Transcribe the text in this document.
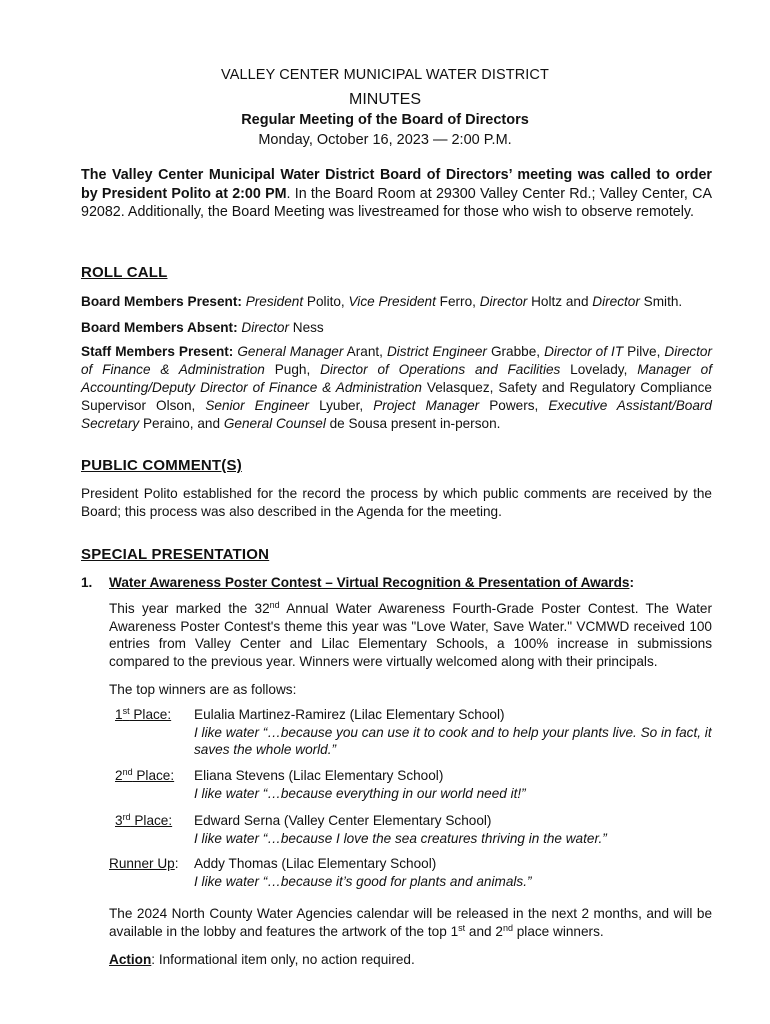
VALLEY CENTER MUNICIPAL WATER DISTRICT
MINUTES
Regular Meeting of the Board of Directors
Monday, October 16, 2023 — 2:00 P.M.
The Valley Center Municipal Water District Board of Directors’ meeting was called to order by President Polito at 2:00 PM. In the Board Room at 29300 Valley Center Rd.; Valley Center, CA 92082. Additionally, the Board Meeting was livestreamed for those who wish to observe remotely.
ROLL CALL
Board Members Present: President Polito, Vice President Ferro, Director Holtz and Director Smith.
Board Members Absent: Director Ness
Staff Members Present: General Manager Arant, District Engineer Grabbe, Director of IT Pilve, Director of Finance & Administration Pugh, Director of Operations and Facilities Lovelady, Manager of Accounting/Deputy Director of Finance & Administration Velasquez, Safety and Regulatory Compliance Supervisor Olson, Senior Engineer Lyuber, Project Manager Powers, Executive Assistant/Board Secretary Peraino, and General Counsel de Sousa present in-person.
PUBLIC COMMENT(S)
President Polito established for the record the process by which public comments are received by the Board; this process was also described in the Agenda for the meeting.
SPECIAL PRESENTATION
1. Water Awareness Poster Contest – Virtual Recognition & Presentation of Awards:
This year marked the 32nd Annual Water Awareness Fourth-Grade Poster Contest. The Water Awareness Poster Contest's theme this year was "Love Water, Save Water." VCMWD received 100 entries from Valley Center and Lilac Elementary Schools, a 100% increase in submissions compared to the previous year. Winners were virtually welcomed along with their principals.
The top winners are as follows:
1st Place: Eulalia Martinez-Ramirez (Lilac Elementary School)
I like water “…because you can use it to cook and to help your plants live. So in fact, it saves the whole world.”
2nd Place: Eliana Stevens (Lilac Elementary School)
I like water “…because everything in our world need it!”
3rd Place: Edward Serna (Valley Center Elementary School)
I like water “…because I love the sea creatures thriving in the water.”
Runner Up: Addy Thomas (Lilac Elementary School)
I like water “…because it’s good for plants and animals.”
The 2024 North County Water Agencies calendar will be released in the next 2 months, and will be available in the lobby and features the artwork of the top 1st and 2nd place winners.
Action: Informational item only, no action required.
